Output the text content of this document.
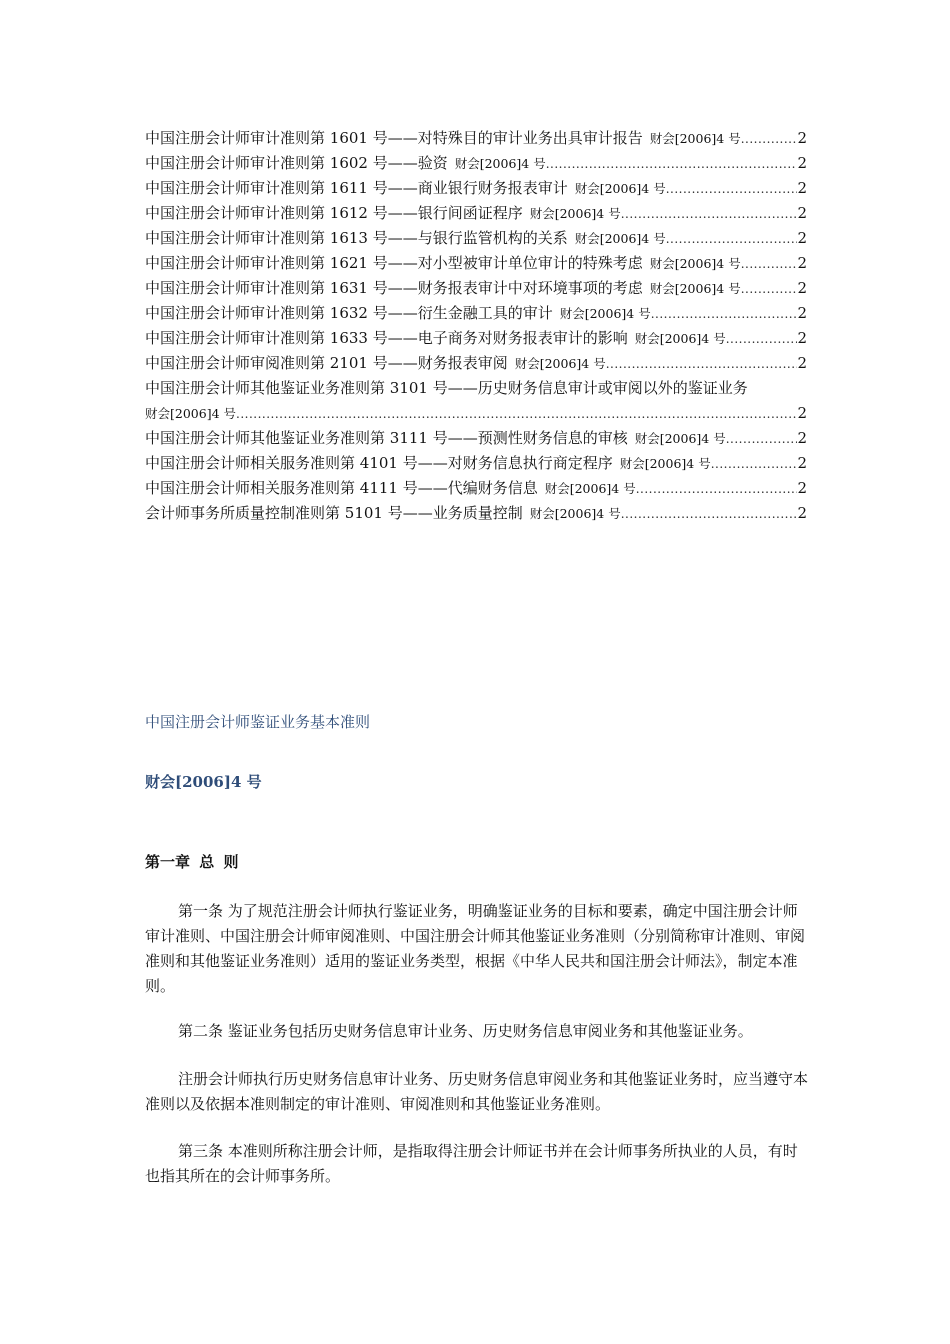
中国注册会计师审计准则第 1601 号——对特殊目的审计业务出具审计报告 财会[2006]4 号 .....	2
中国注册会计师审计准则第 1602 号——验资 财会[2006]4 号 .....	2
中国注册会计师审计准则第 1611 号——商业银行财务报表审计 财会[2006]4 号 .....	2
中国注册会计师审计准则第 1612 号——银行间函证程序 财会[2006]4 号 .....	2
中国注册会计师审计准则第 1613 号——与银行监管机构的关系 财会[2006]4 号 .....	2
中国注册会计师审计准则第 1621 号——对小型被审计单位审计的特殊考虑 财会[2006]4 号 .....	2
中国注册会计师审计准则第 1631 号——财务报表审计中对环境事项的考虑 财会[2006]4 号 .....	2
中国注册会计师审计准则第 1632 号——衍生金融工具的审计 财会[2006]4 号 .....	2
中国注册会计师审计准则第 1633 号——电子商务对财务报表审计的影响 财会[2006]4 号 .....	2
中国注册会计师审阅准则第 2101 号——财务报表审阅 财会[2006]4 号 .....	2
中国注册会计师其他鉴证业务准则第 3101 号——历史财务信息审计或审阅以外的鉴证业务
财会[2006]4 号 .....	2
中国注册会计师其他鉴证业务准则第 3111 号——预测性财务信息的审核 财会[2006]4 号 .....	2
中国注册会计师相关服务准则第 4101 号——对财务信息执行商定程序 财会[2006]4 号 .....	2
中国注册会计师相关服务准则第 4111 号——代编财务信息 财会[2006]4 号 .....	2
会计师事务所质量控制准则第 5101 号——业务质量控制 财会[2006]4 号 .....	2
中国注册会计师鉴证业务基本准则
财会[2006]4 号
第一章 总 则
第一条 为了规范注册会计师执行鉴证业务，明确鉴证业务的目标和要素，确定中国注册会计师审计准则、中国注册会计师审阅准则、中国注册会计师其他鉴证业务准则（分别简称审计准则、审阅准则和其他鉴证业务准则）适用的鉴证业务类型，根据《中华人民共和国注册会计师法》，制定本准则。
第二条 鉴证业务包括历史财务信息审计业务、历史财务信息审阅业务和其他鉴证业务。
注册会计师执行历史财务信息审计业务、历史财务信息审阅业务和其他鉴证业务时，应当遵守本准则以及依据本准则制定的审计准则、审阅准则和其他鉴证业务准则。
第三条 本准则所称注册会计师，是指取得注册会计师证书并在会计师事务所执业的人员，有时也指其所在的会计师事务所。
